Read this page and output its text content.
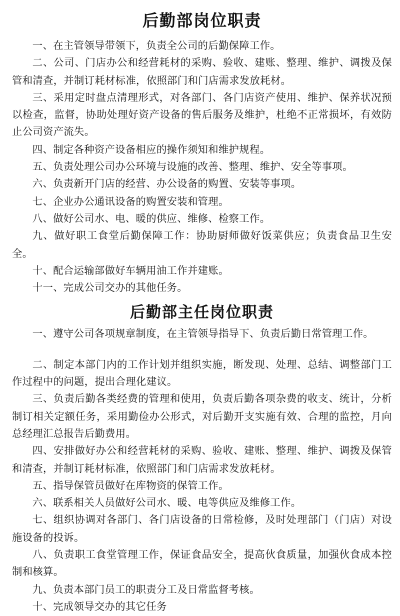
后勤部岗位职责

一、在主管领导带领下，负责全公司的后勤保障工作。

二、公司、门店办公和经营耗材的采购、验收、建账、整理、维护、调拨及保管和清查，并制订耗材标准，依照部门和门店需求发放耗材。

三、采用定时盘点清理形式，对各部门、各门店资产使用、维护、保养状况预以检查，监督，协助处理好资产设备的售后服务及维护，杜绝不正常损坏，有效防止公司资产流失。

四、制定各种资产设备相应的操作须知和维护规程。

五、负责处理公司办公环境与设施的改善、整理、维护、安全等事项。

六、负责新开门店的经营、办公设备的购置、安装等事项。

七、企业办公通讯设备的购置安装和管理。

八、做好公司水、电、暖的供应、维修、检察工作。

九、做好职工食堂后勤保障工作：协助厨师做好饭菜供应；负责食品卫生安全。

十、配合运输部做好车辆用油工作并建账。

十一、完成公司交办的其他任务。

后勤部主任岗位职责

一、遵守公司各项规章制度，在主管领导指导下、负责后勤日常管理工作。

二、制定本部门内的工作计划并组织实施，断发现、处理、总结、调整部门工作过程中的问题，提出合理化建议。

三、负责后勤各类经费的管理和使用，负责后勤各项杂费的收支、统计，分析制订相关定额任务，采用勤俭办公形式，对后勤开支实施有效、合理的监控，月向总经理汇总报告后勤费用。

四、安排做好办公和经营耗材的采购、验收、建账、整理、维护、调拨及保管和清查，并制订耗材标准，依照部门和门店需求发放耗材。

五、指导保管员做好在库物资的保管工作。

六、联系相关人员做好公司水、暖、电等供应及维修工作。

七、组织协调对各部门、各门店设备的日常检修，及时处理部门（门店）对设施设备的投诉。

八、负责职工食堂管理工作，保证食品安全，提高伙食质量，加强伙食成本控制和核算。

九、负责本部门员工的职责分工及日常监督考核。

十、完成领导交办的其它任务
